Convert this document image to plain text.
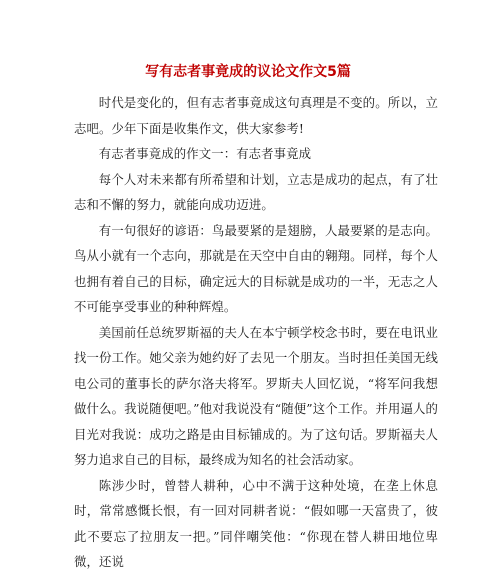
写有志者事竟成的议论文作文5篇

时代是变化的，但有志者事竟成这句真理是不变的。所以，立志吧。少年下面是收集作文，供大家参考!

有志者事竟成的作文一：有志者事竟成

每个人对未来都有所希望和计划，立志是成功的起点，有了壮志和不懈的努力，就能向成功迈进。

有一句很好的谚语：鸟最要紧的是翅膀，人最要紧的是志向。鸟从小就有一个志向，那就是在天空中自由的翱翔。同样，每个人也拥有着自己的目标，确定远大的目标就是成功的一半，无志之人不可能享受事业的种种辉煌。

美国前任总统罗斯福的夫人在本宁顿学校念书时，要在电讯业找一份工作。她父亲为她约好了去见一个朋友。当时担任美国无线电公司的董事长的萨尔洛夫将军。罗斯夫人回忆说，“将军问我想做什么。我说随便吧。”他对我说没有“随便”这个工作。并用逼人的目光对我说：成功之路是由目标铺成的。为了这句话。罗斯福夫人努力追求自己的目标，最终成为知名的社会活动家。

陈涉少时，曾替人耕种，心中不满于这种处境，在垄上休息时，常常感慨长恨，有一回对同耕者说：“假如哪一天富贵了，彼此不要忘了拉朋友一把。”同伴嘲笑他：“你现在替人耕田地位卑微，还说
